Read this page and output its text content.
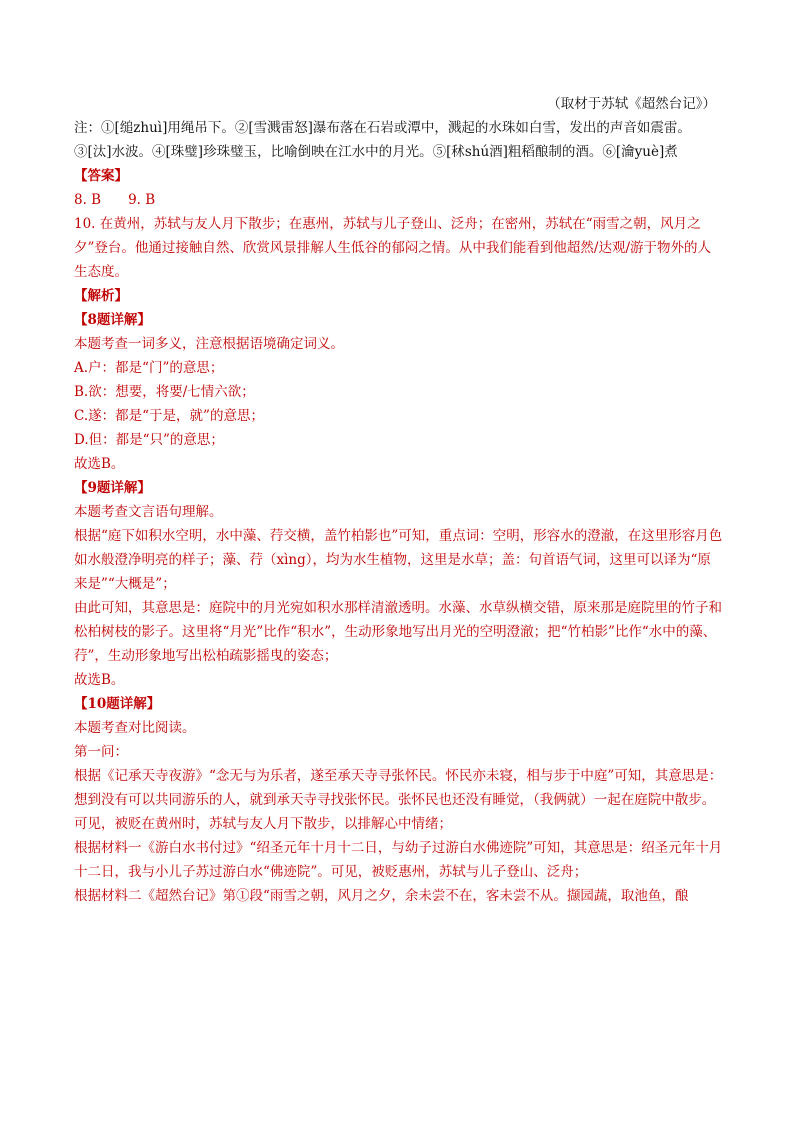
（取材于苏轼《超然台记》）
注：①[缒zhuì]用绳吊下。②[雪溅雷怒]瀑布落在石岩或潭中，溅起的水珠如白雪，发出的声音如震雷。③[汰]水波。④[珠璧]珍珠璧玉，比喻倒映在江水中的月光。⑤[秫shú酒]粗稻酿制的酒。⑥[瀹yuè]煮
【答案】
8. B　　9. B
10. 在黄州，苏轼与友人月下散步；在惠州，苏轼与儿子登山、泛舟；在密州，苏轼在“雨雪之朝，风月之夕”登台。他通过接触自然、欣赏风景排解人生低谷的郁闷之情。从中我们能看到他超然/达观/游于物外的人生态度。
【解析】
【8题详解】
本题考查一词多义，注意根据语境确定词义。
A.户：都是“门”的意思；
B.欲：想要，将要/七情六欲；
C.遂：都是“于是，就”的意思；
D.但：都是“只”的意思；
故选B。
【9题详解】
本题考查文言语句理解。
根据“庭下如积水空明，水中藻、荇交横，盖竹柏影也”可知，重点词：空明，形容水的澄澈，在这里形容月色如水般澄净明亮的样子；藻、荇（xìng），均为水生植物，这里是水草；盖：句首语气词，这里可以译为“原来是”“大概是”；
由此可知，其意思是：庭院中的月光宛如积水那样清澈透明。水藻、水草纵横交错，原来那是庭院里的竹子和松柏树枝的影子。这里将“月光”比作“积水”，生动形象地写出月光的空明澄澈；把“竹柏影”比作“水中的藻、荇”，生动形象地写出松柏疏影摇曳的姿态；
故选B。
【10题详解】
本题考查对比阅读。
第一问：
根据《记承天寺夜游》“念无与为乐者，遂至承天寺寻张怀民。怀民亦未寝，相与步于中庭”可知，其意思是：想到没有可以共同游乐的人，就到承天寺寻找张怀民。张怀民也还没有睡觉，（我俩就）一起在庭院中散步。可见，被贬在黄州时，苏轼与友人月下散步，以排解心中情绪；
根据材料一《游白水书付过》“绍圣元年十月十二日，与幼子过游白水佛迹院”可知，其意思是：绍圣元年十月十二日，我与小儿子苏过游白水“佛迹院”。可见，被贬惠州，苏轼与儿子登山、泛舟；
根据材料二《超然台记》第①段“雨雪之朝，风月之夕，余未尝不在，客未尝不从。撷园蔬，取池鱼，酿
